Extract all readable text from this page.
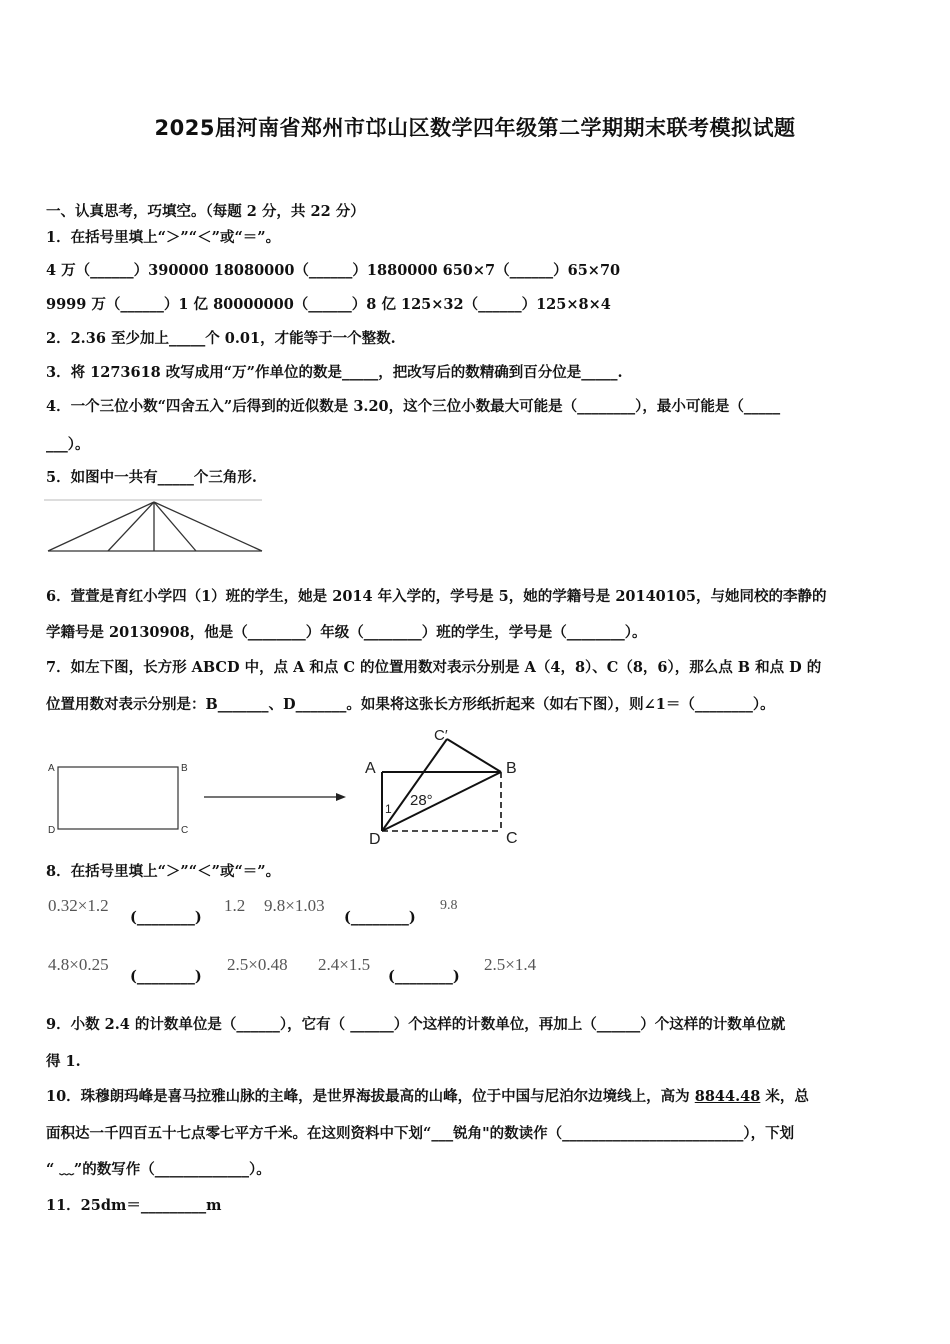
2025届河南省郑州市邙山区数学四年级第二学期期末联考模拟试题
一、认真思考，巧填空。（每题 2 分，共 22 分）
1．在括号里填上“＞”“＜”或“＝”。
4 万（______）390000 18080000（______）1880000 650×7（______）65×70
9999 万（______）1 亿 80000000（______）8 亿 125×32（______）125×8×4
2．2.36 至少加上_____个 0.01，才能等于一个整数.
3．将 1273618 改写成用“万”作单位的数是_____，把改写后的数精确到百分位是_____.
4．一个三位小数“四舍五入”后得到的近似数是 3.20，这个三位小数最大可能是（________），最小可能是（_____
___）。
5．如图中一共有_____个三角形.
6．萱萱是育红小学四（1）班的学生，她是 2014 年入学的，学号是 5，她的学籍号是 20140105，与她同校的李静的
学籍号是 20130908，他是（________）年级（________）班的学生，学号是（________）。
7．如左下图，长方形 ABCD 中，点 A 和点 C 的位置用数对表示分别是 A（4，8）、C（8，6），那么点 B 和点 D 的
位置用数对表示分别是：B_______、D_______。如果将这张长方形纸折起来（如右下图），则∠1＝（________）。
A	B
D	C
A	B
C
D
C′
1 28°
8．在括号里填上“＞”“＜”或“＝”。
0.32×1.2
(________)
1.2 9.8×1.03
(________)
9.8
4.8×0.25
(________)
2.5×0.48 2.4×1.5
(________)
2.5×1.4
9．小数 2.4 的计数单位是（______），它有（ ______）个这样的计数单位，再加上（______）个这样的计数单位就
得 1.
10．珠穆朗玛峰是喜马拉雅山脉的主峰，是世界海拔最高的山峰，位于中国与尼泊尔边境线上，高为 8844.48 米，总
面积达一千四百五十七点零七平方千米。在这则资料中下划“___锐角"的数读作（_________________________），下划
“ ﹏”的数写作（_____________）。
11．25dm＝_________m
